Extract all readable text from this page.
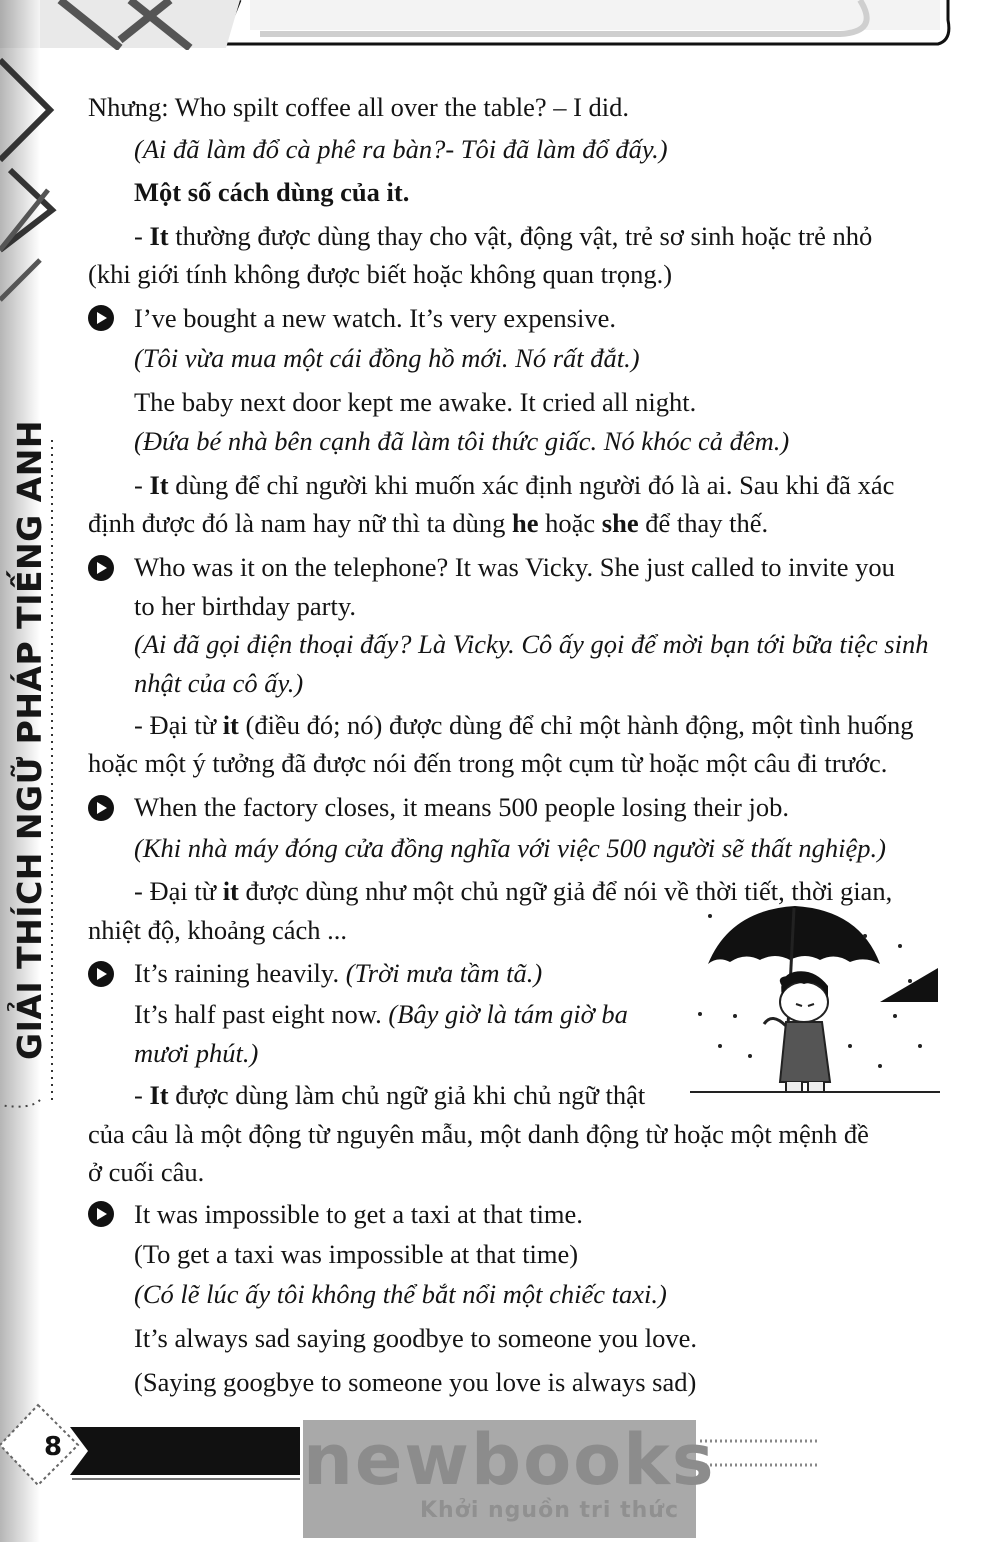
GIẢI THÍCH NGỮ PHÁP TIẾNG ANH
Nhưng: Who spilt coffee all over the table? – I did.
(Ai đã làm đổ cà phê ra bàn?- Tôi đã làm đổ đấy.)
Một số cách dùng của it.
- It thường được dùng thay cho vật, động vật, trẻ sơ sinh hoặc trẻ nhỏ
(khi giới tính không được biết hoặc không quan trọng.)
I’ve bought a new watch. It’s very expensive.
(Tôi vừa mua một cái đồng hồ mới. Nó rất đắt.)
The baby next door kept me awake. It cried all night.
(Đứa bé nhà bên cạnh đã làm tôi thức giấc. Nó khóc cả đêm.)
- It dùng để chỉ người khi muốn xác định người đó là ai. Sau khi đã xác
định được đó là nam hay nữ thì ta dùng he hoặc she để thay thế.
Who was it on the telephone? It was Vicky. She just called to invite you
to her birthday party.
(Ai đã gọi điện thoại đấy? Là Vicky. Cô ấy gọi để mời bạn tới bữa tiệc sinh
nhật của cô ấy.)
- Đại từ it (điều đó; nó) được dùng để chỉ một hành động, một tình huống
hoặc một ý tưởng đã được nói đến trong một cụm từ hoặc một câu đi trước.
When the factory closes, it means 500 people losing their job.
(Khi nhà máy đóng cửa đồng nghĩa với việc 500 người sẽ thất nghiệp.)
- Đại từ it được dùng như một chủ ngữ giả để nói về thời tiết, thời gian,
nhiệt độ, khoảng cách ...
It’s raining heavily. (Trời mưa tầm tã.)
It’s half past eight now. (Bây giờ là tám giờ ba
mươi phút.)
- It được dùng làm chủ ngữ giả khi chủ ngữ thật
của câu là một động từ nguyên mẫu, một danh động từ hoặc một mệnh đề
ở cuối câu.
It was impossible to get a taxi at that time.
(To get a taxi was impossible at that time)
(Có lẽ lúc ấy tôi không thể bắt nổi một chiếc taxi.)
It’s always sad saying goodbye to someone you love.
(Saying googbye to someone you love is always sad)
8	newbooks
Khởi nguồn tri thức
